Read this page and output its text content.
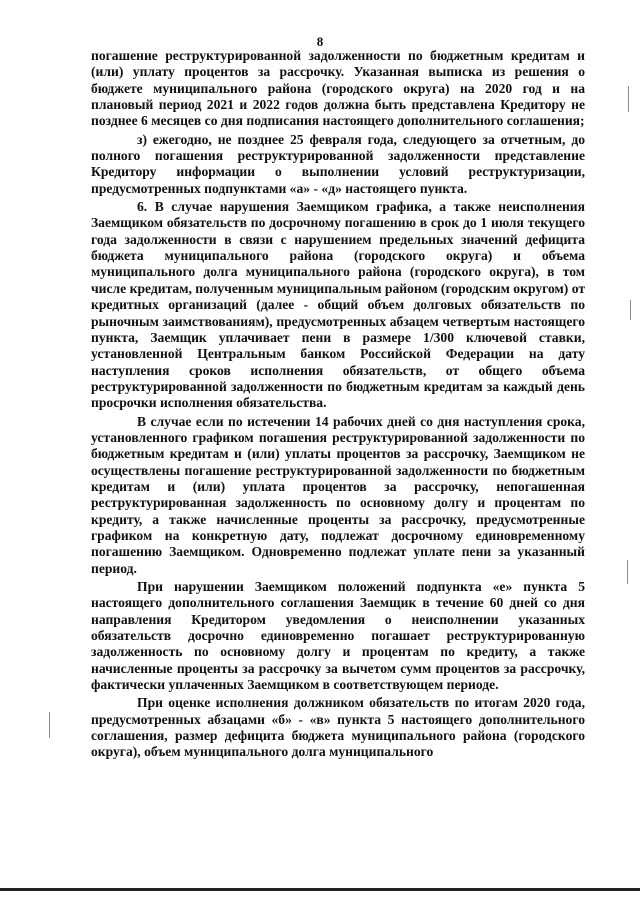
8

погашение реструктурированной задолженности по бюджетным кредитам и (или) уплату процентов за рассрочку. Указанная выписка из решения о бюджете муниципального района (городского округа) на 2020 год и на плановый период 2021 и 2022 годов должна быть представлена Кредитору не позднее 6 месяцев со дня подписания настоящего дополнительного соглашения;

з) ежегодно, не позднее 25 февраля года, следующего за отчетным, до полного погашения реструктурированной задолженности представление Кредитору информации о выполнении условий реструктуризации, предусмотренных подпунктами «а» - «д» настоящего пункта.

6. В случае нарушения Заемщиком графика, а также неисполнения Заемщиком обязательств по досрочному погашению в срок до 1 июля текущего года задолженности в связи с нарушением предельных значений дефицита бюджета муниципального района (городского округа) и объема муниципального долга муниципального района (городского округа), в том числе кредитам, полученным муниципальным районом (городским округом) от кредитных организаций (далее - общий объем долговых обязательств по рыночным заимствованиям), предусмотренных абзацем четвертым настоящего пункта, Заемщик уплачивает пени в размере 1/300 ключевой ставки, установленной Центральным банком Российской Федерации на дату наступления сроков исполнения обязательств, от общего объема реструктурированной задолженности по бюджетным кредитам за каждый день просрочки исполнения обязательства.

В случае если по истечении 14 рабочих дней со дня наступления срока, установленного графиком погашения реструктурированной задолженности по бюджетным кредитам и (или) уплаты процентов за рассрочку, Заемщиком не осуществлены погашение реструктурированной задолженности по бюджетным кредитам и (или) уплата процентов за рассрочку, непогашенная реструктурированная задолженность по основному долгу и процентам по кредиту, а также начисленные проценты за рассрочку, предусмотренные графиком на конкретную дату, подлежат досрочному единовременному погашению Заемщиком. Одновременно подлежат уплате пени за указанный период.

При нарушении Заемщиком положений подпункта «е» пункта 5 настоящего дополнительного соглашения Заемщик в течение 60 дней со дня направления Кредитором уведомления о неисполнении указанных обязательств досрочно единовременно погашает реструктурированную задолженность по основному долгу и процентам по кредиту, а также начисленные проценты за рассрочку за вычетом сумм процентов за рассрочку, фактически уплаченных Заемщиком в соответствующем периоде.

При оценке исполнения должником обязательств по итогам 2020 года, предусмотренных абзацами «б» - «в» пункта 5 настоящего дополнительного соглашения, размер дефицита бюджета муниципального района (городского округа), объем муниципального долга муниципального
